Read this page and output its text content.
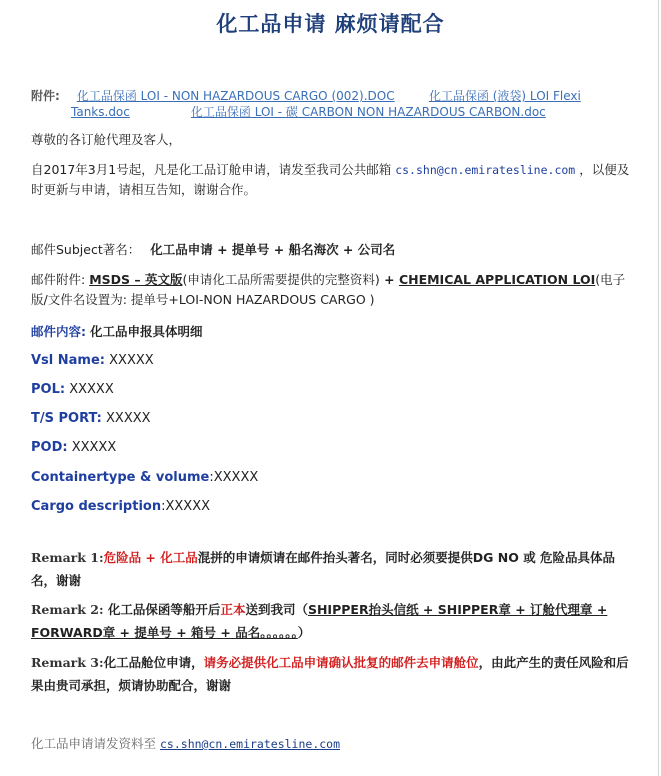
化工品申请 麻烦请配合
附件: 化工品保函 LOI - NON HAZARDOUS CARGO (002).DOC	化工品保函 (液袋) LOI Flexi
Tanks.doc	化工品保函 LOI - 碳 CARBON NON HAZARDOUS CARBON.doc
尊敬的各订舱代理及客人，
自2017年3月1号起，凡是化工品订舱申请，请发至我司公共邮箱 cs.shn@cn.emiratesline.com ，以便及时更新与申请，请相互告知，谢谢合作。
邮件Subject著名： 化工品申请 + 提单号 + 船名海次 + 公司名
邮件附件: MSDS – 英文版(申请化工品所需要提供的完整资料) + CHEMICAL APPLICATION LOI(电子版/文件名设置为: 提单号+LOI-NON HAZARDOUS CARGO )
邮件内容: 化工品申报具体明细
Vsl Name: XXXXX
POL: XXXXX
T/S PORT: XXXXX
POD: XXXXX
Containertype & volume:XXXXX
Cargo description:XXXXX
Remark 1:危险品 + 化工品混拼的申请烦请在邮件抬头著名，同时必须要提供DG NO 或 危险品具体品名，谢谢
Remark 2: 化工品保函等船开后正本送到我司（SHIPPER抬头信纸 + SHIPPER章 + 订舱代理章 + FORWARD章 + 提单号 + 箱号 + 品名。。。。。。）
Remark 3:化工品舱位申请，请务必提供化工品申请确认批复的邮件去申请舱位，由此产生的责任风险和后果由贵司承担，烦请协助配合，谢谢
化工品申请请发资料至 cs.shn@cn.emiratesline.com
